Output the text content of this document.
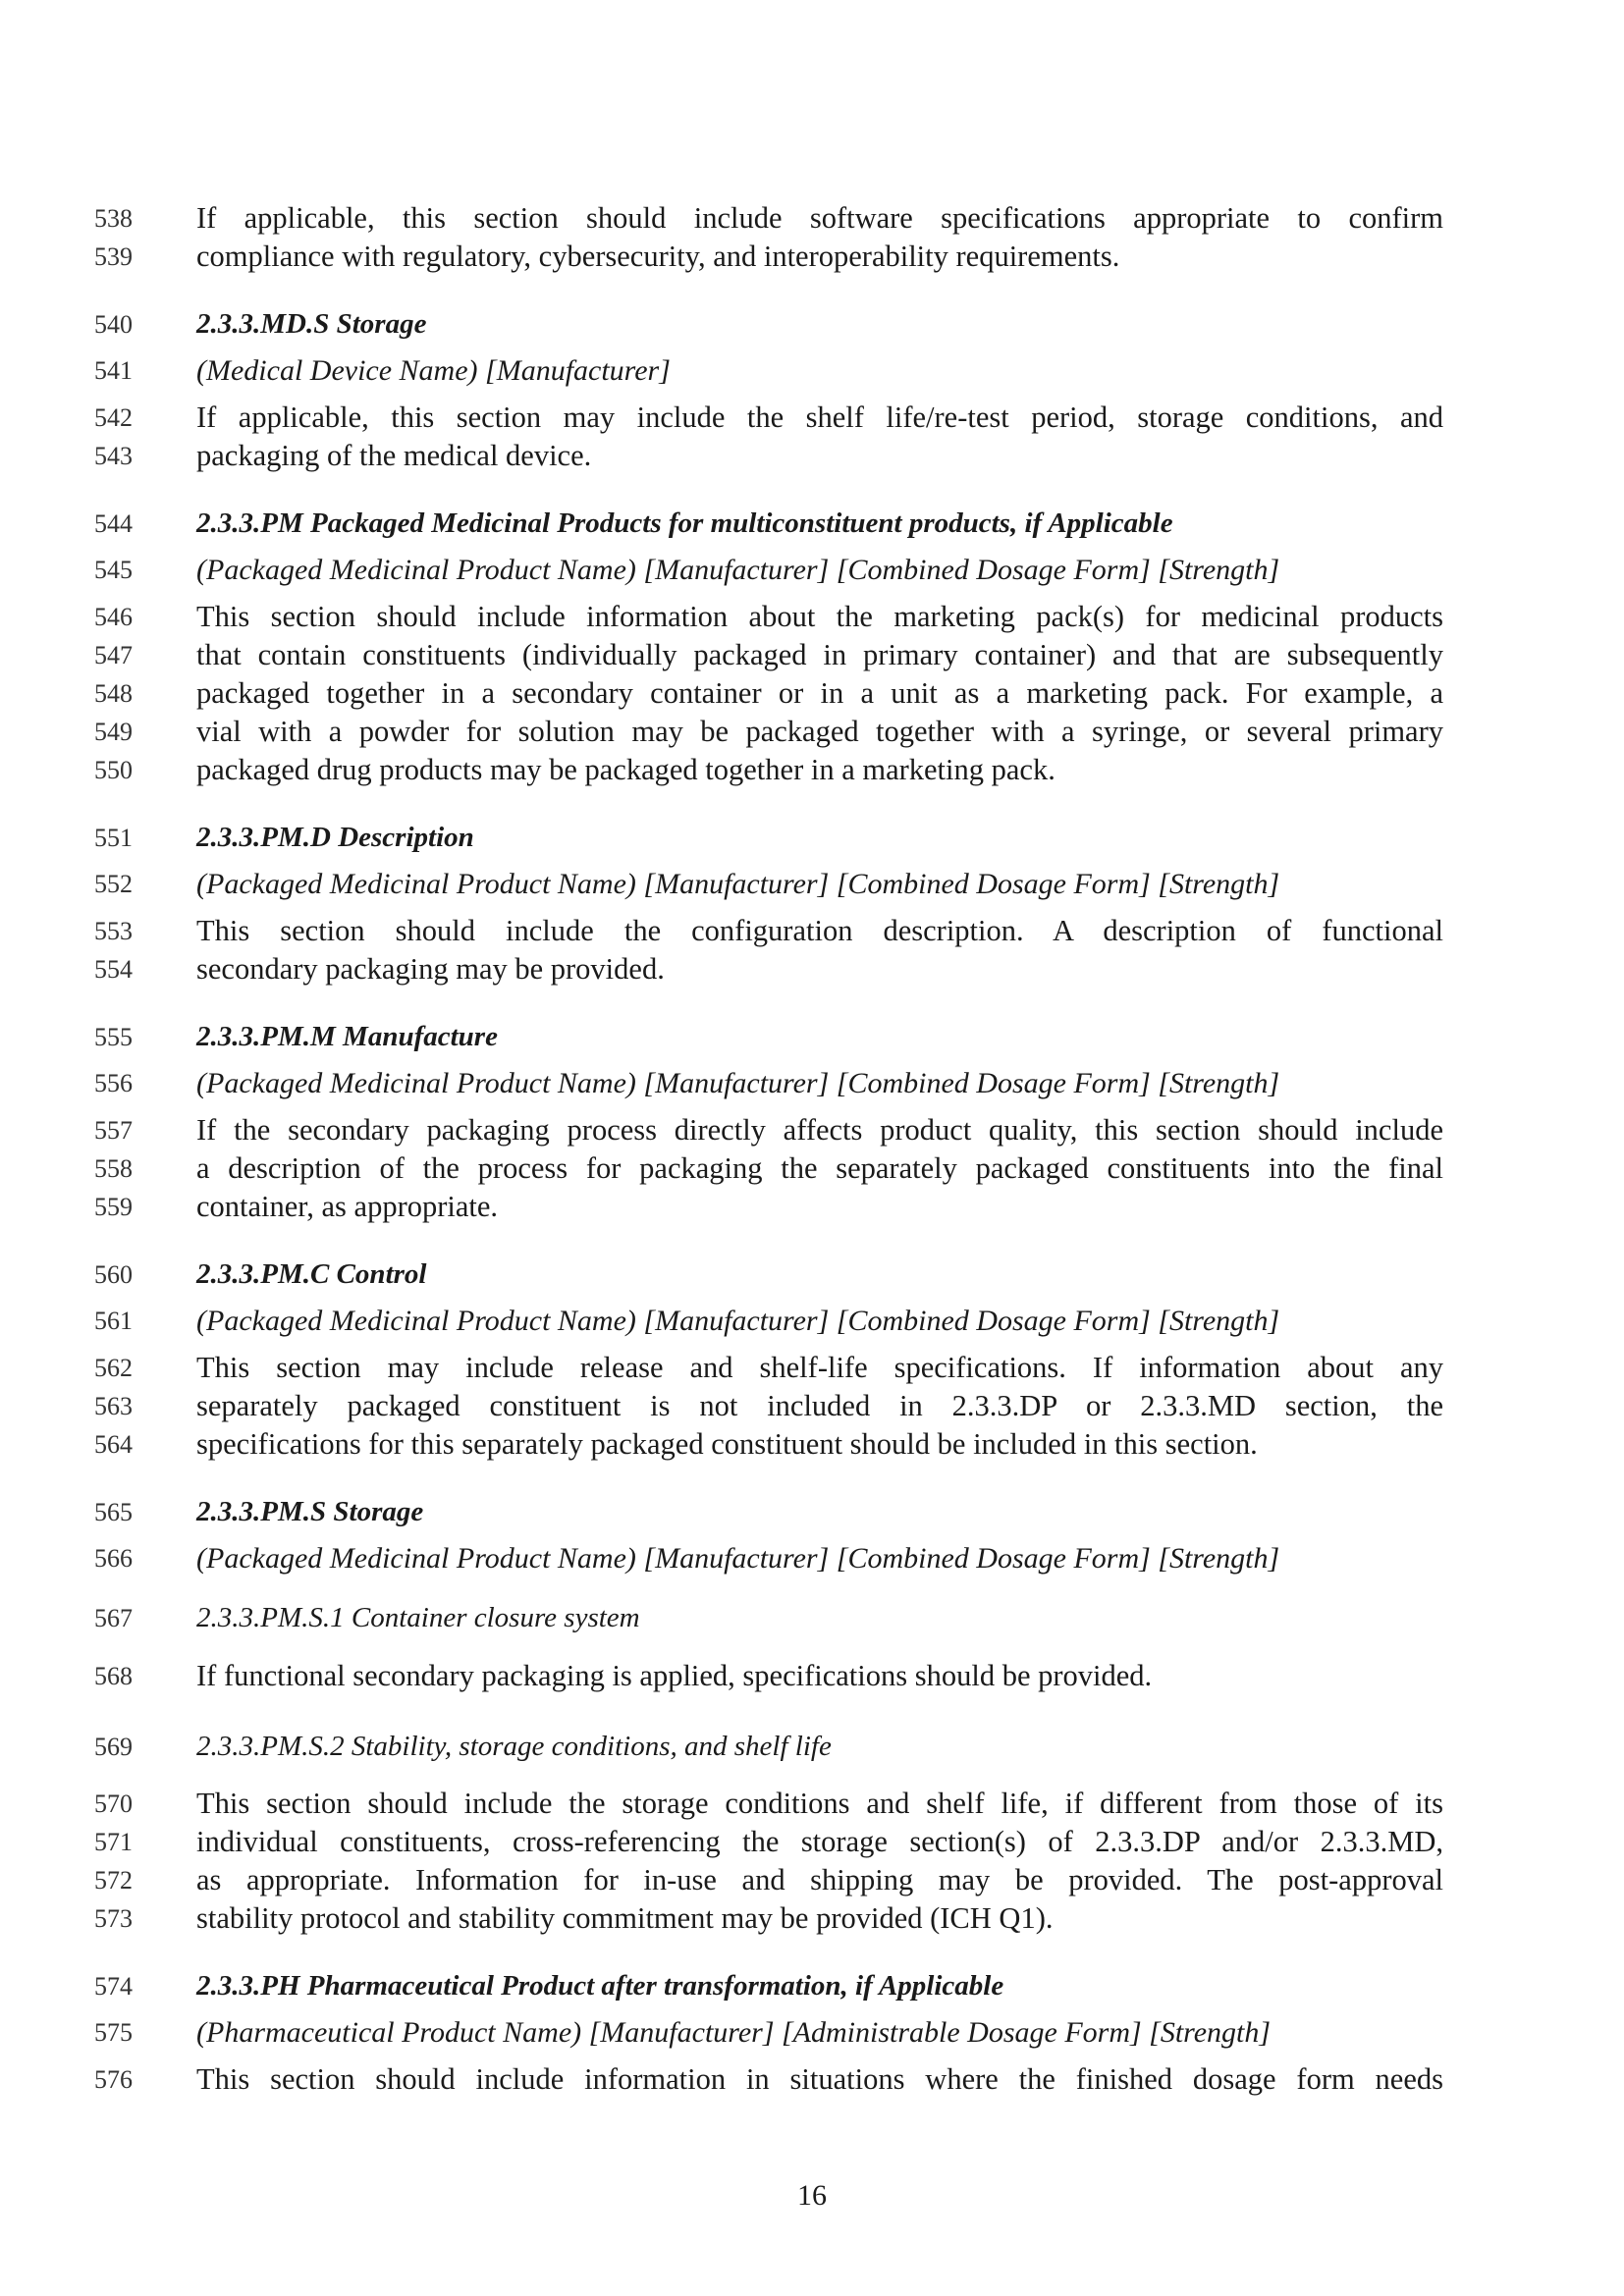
538	If applicable, this section should include software specifications appropriate to confirm
539	compliance with regulatory, cybersecurity, and interoperability requirements.
540	2.3.3.MD.S Storage
541	(Medical Device Name) [Manufacturer]
542	If applicable, this section may include the shelf life/re-test period, storage conditions, and
543	packaging of the medical device.
544	2.3.3.PM Packaged Medicinal Products for multiconstituent products, if Applicable
545	(Packaged Medicinal Product Name) [Manufacturer] [Combined Dosage Form] [Strength]
546	This section should include information about the marketing pack(s) for medicinal products
547	that contain constituents (individually packaged in primary container) and that are subsequently
548	packaged together in a secondary container or in a unit as a marketing pack. For example, a
549	vial with a powder for solution may be packaged together with a syringe, or several primary
550	packaged drug products may be packaged together in a marketing pack.
551	2.3.3.PM.D Description
552	(Packaged Medicinal Product Name) [Manufacturer] [Combined Dosage Form] [Strength]
553	This section should include the configuration description. A description of functional
554	secondary packaging may be provided.
555	2.3.3.PM.M Manufacture
556	(Packaged Medicinal Product Name) [Manufacturer] [Combined Dosage Form] [Strength]
557	If the secondary packaging process directly affects product quality, this section should include
558	a description of the process for packaging the separately packaged constituents into the final
559	container, as appropriate.
560	2.3.3.PM.C Control
561	(Packaged Medicinal Product Name) [Manufacturer] [Combined Dosage Form] [Strength]
562	This section may include release and shelf-life specifications. If information about any
563	separately packaged constituent is not included in 2.3.3.DP or 2.3.3.MD section, the
564	specifications for this separately packaged constituent should be included in this section.
565	2.3.3.PM.S Storage
566	(Packaged Medicinal Product Name) [Manufacturer] [Combined Dosage Form] [Strength]
567	2.3.3.PM.S.1 Container closure system
568	If functional secondary packaging is applied, specifications should be provided.
569	2.3.3.PM.S.2 Stability, storage conditions, and shelf life
570	This section should include the storage conditions and shelf life, if different from those of its
571	individual constituents, cross-referencing the storage section(s) of 2.3.3.DP and/or 2.3.3.MD,
572	as appropriate. Information for in-use and shipping may be provided. The post-approval
573	stability protocol and stability commitment may be provided (ICH Q1).
574	2.3.3.PH Pharmaceutical Product after transformation, if Applicable
575	(Pharmaceutical Product Name) [Manufacturer] [Administrable Dosage Form] [Strength]
576	This section should include information in situations where the finished dosage form needs
16
